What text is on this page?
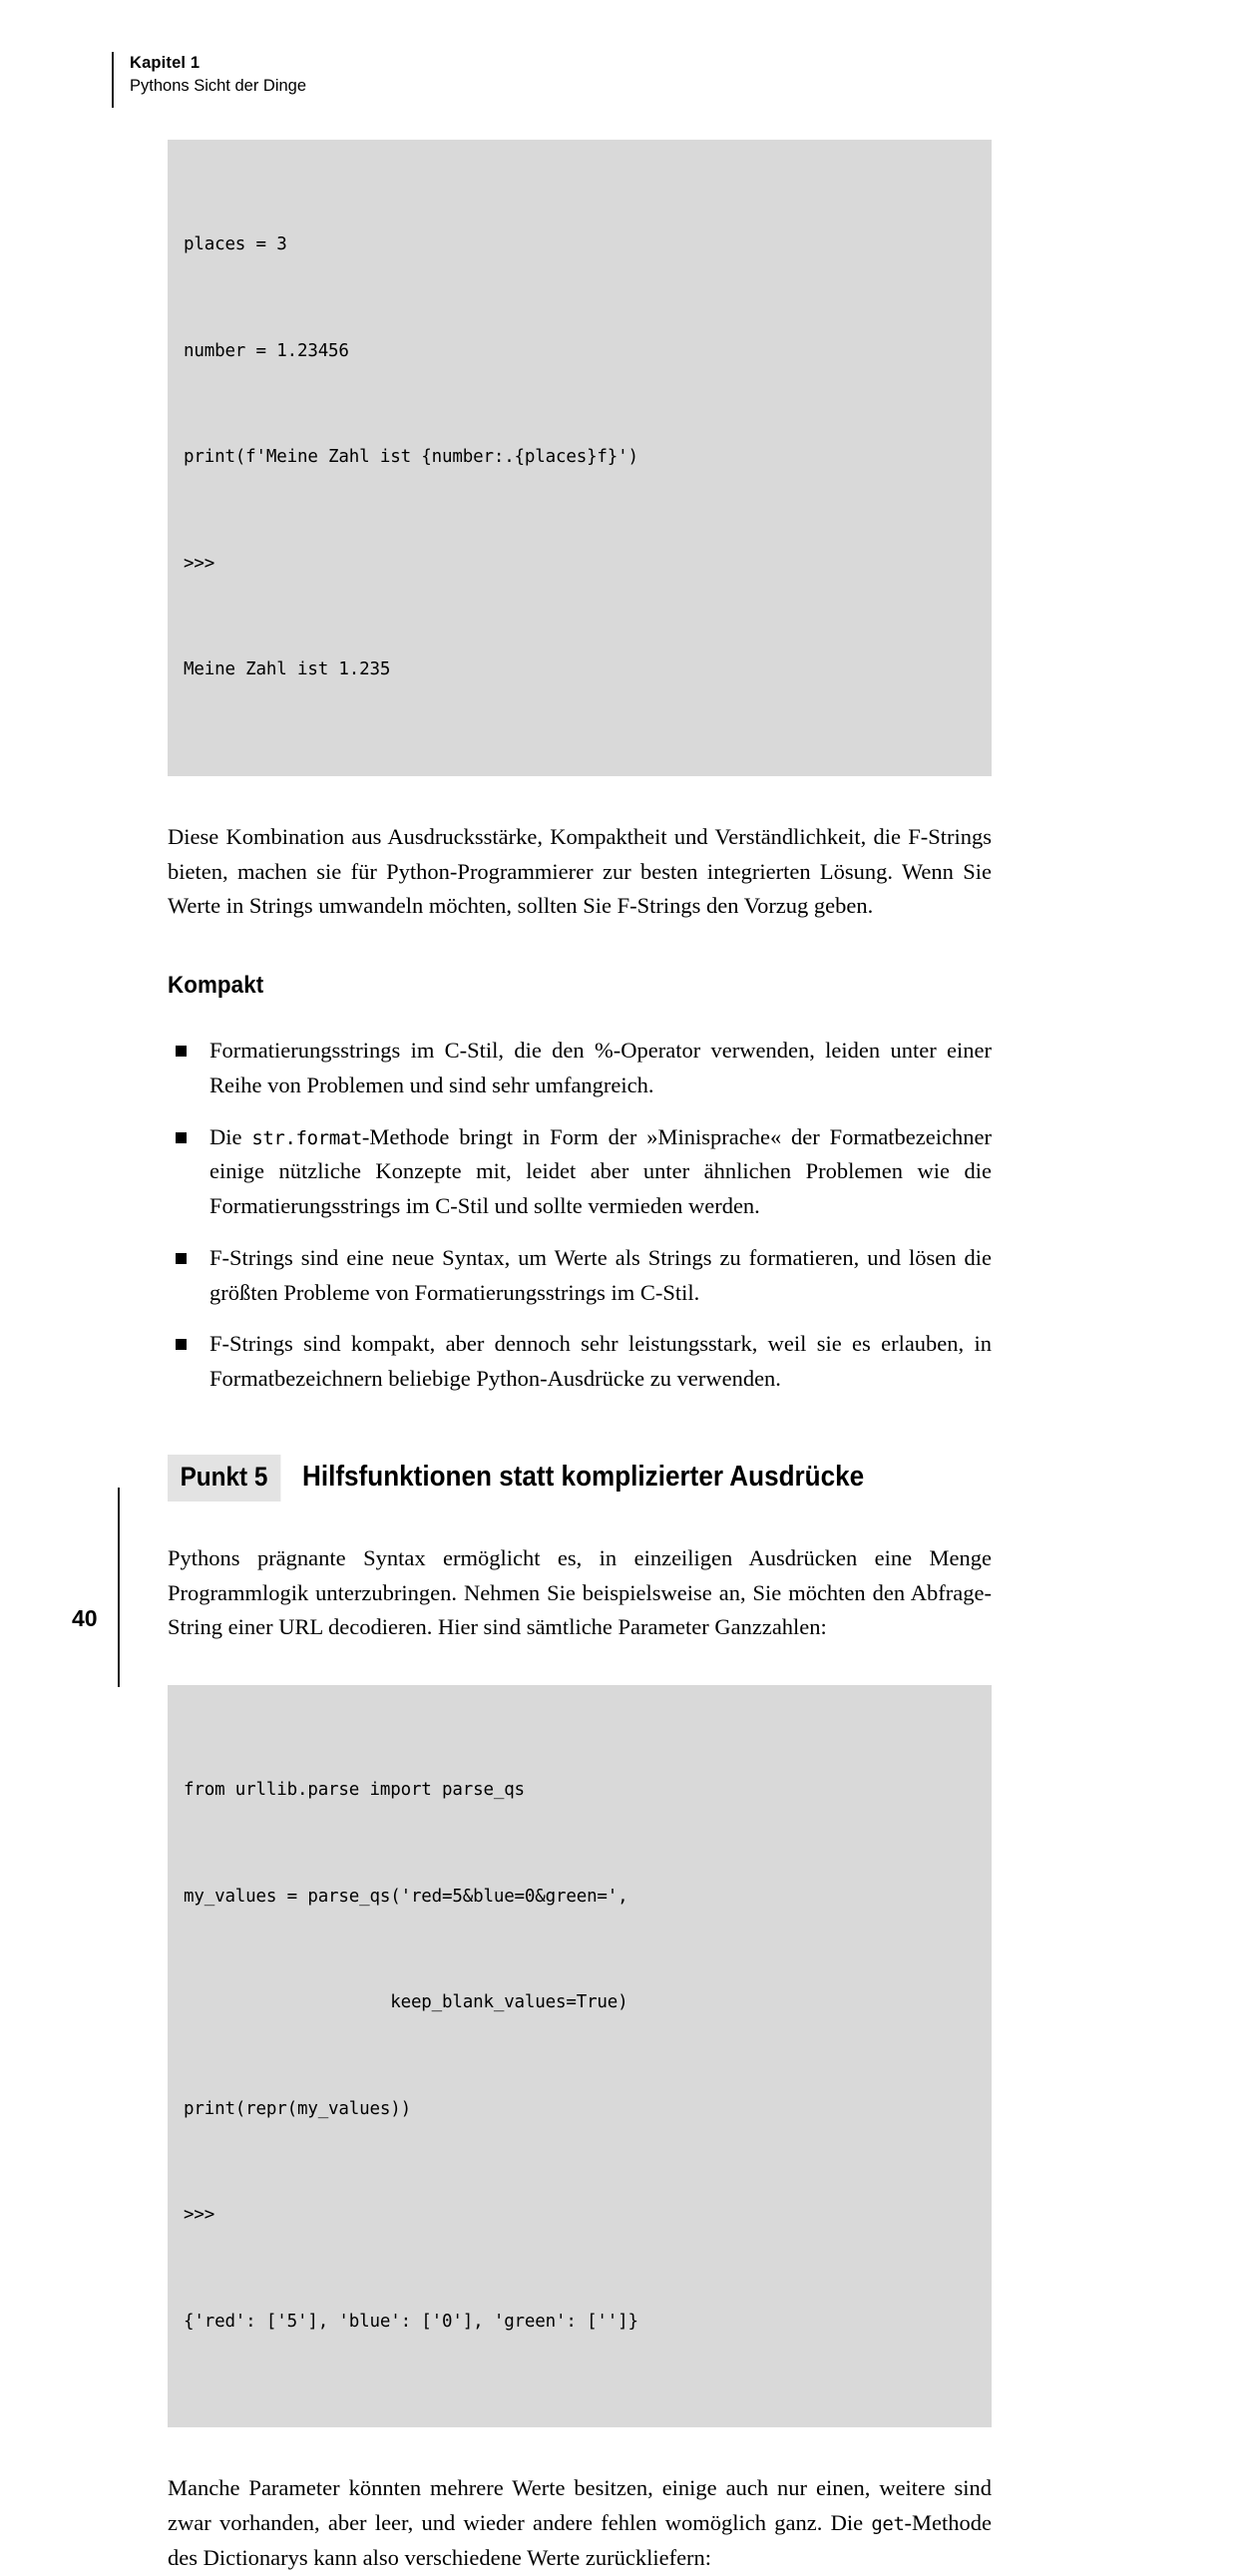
Kapitel 1
Pythons Sicht der Dinge

places = 3

number = 1.23456

print(f'Meine Zahl ist {number:.{places}f}')

>>>

Meine Zahl ist 1.235

Diese Kombination aus Ausdrucksstärke, Kompaktheit und Verständlichkeit, die F-Strings bieten, machen sie für Python-Programmierer zur besten integrierten Lösung. Wenn Sie Werte in Strings umwandeln möchten, sollten Sie F-Strings den Vorzug geben.

Kompakt
Formatierungsstrings im C-Stil, die den %-Operator verwenden, leiden unter einer Reihe von Problemen und sind sehr umfangreich.
Die str.format-Methode bringt in Form der »Minisprache« der Formatbezeichner einige nützliche Konzepte mit, leidet aber unter ähnlichen Problemen wie die Formatierungsstrings im C-Stil und sollte vermieden werden.
F-Strings sind eine neue Syntax, um Werte als Strings zu formatieren, und lösen die größten Probleme von Formatierungsstrings im C-Stil.
F-Strings sind kompakt, aber dennoch sehr leistungsstark, weil sie es erlauben, in Formatbezeichnern beliebige Python-Ausdrücke zu verwenden.
Punkt 5	Hilfsfunktionen statt komplizierter Ausdrücke

Pythons prägnante Syntax ermöglicht es, in einzeiligen Ausdrücken eine Menge Programmlogik unterzubringen. Nehmen Sie beispielsweise an, Sie möchten den Abfrage-String einer URL decodieren. Hier sind sämtliche Parameter Ganzzahlen:

from urllib.parse import parse_qs

my_values = parse_qs('red=5&blue=0&green=',

keep_blank_values=True)

print(repr(my_values))

>>>

{'red': ['5'], 'blue': ['0'], 'green': ['']}

Manche Parameter könnten mehrere Werte besitzen, einige auch nur einen, weitere sind zwar vorhanden, aber leer, und wieder andere fehlen womöglich ganz. Die get-Methode des Dictionarys kann also verschiedene Werte zurückliefern:

40
